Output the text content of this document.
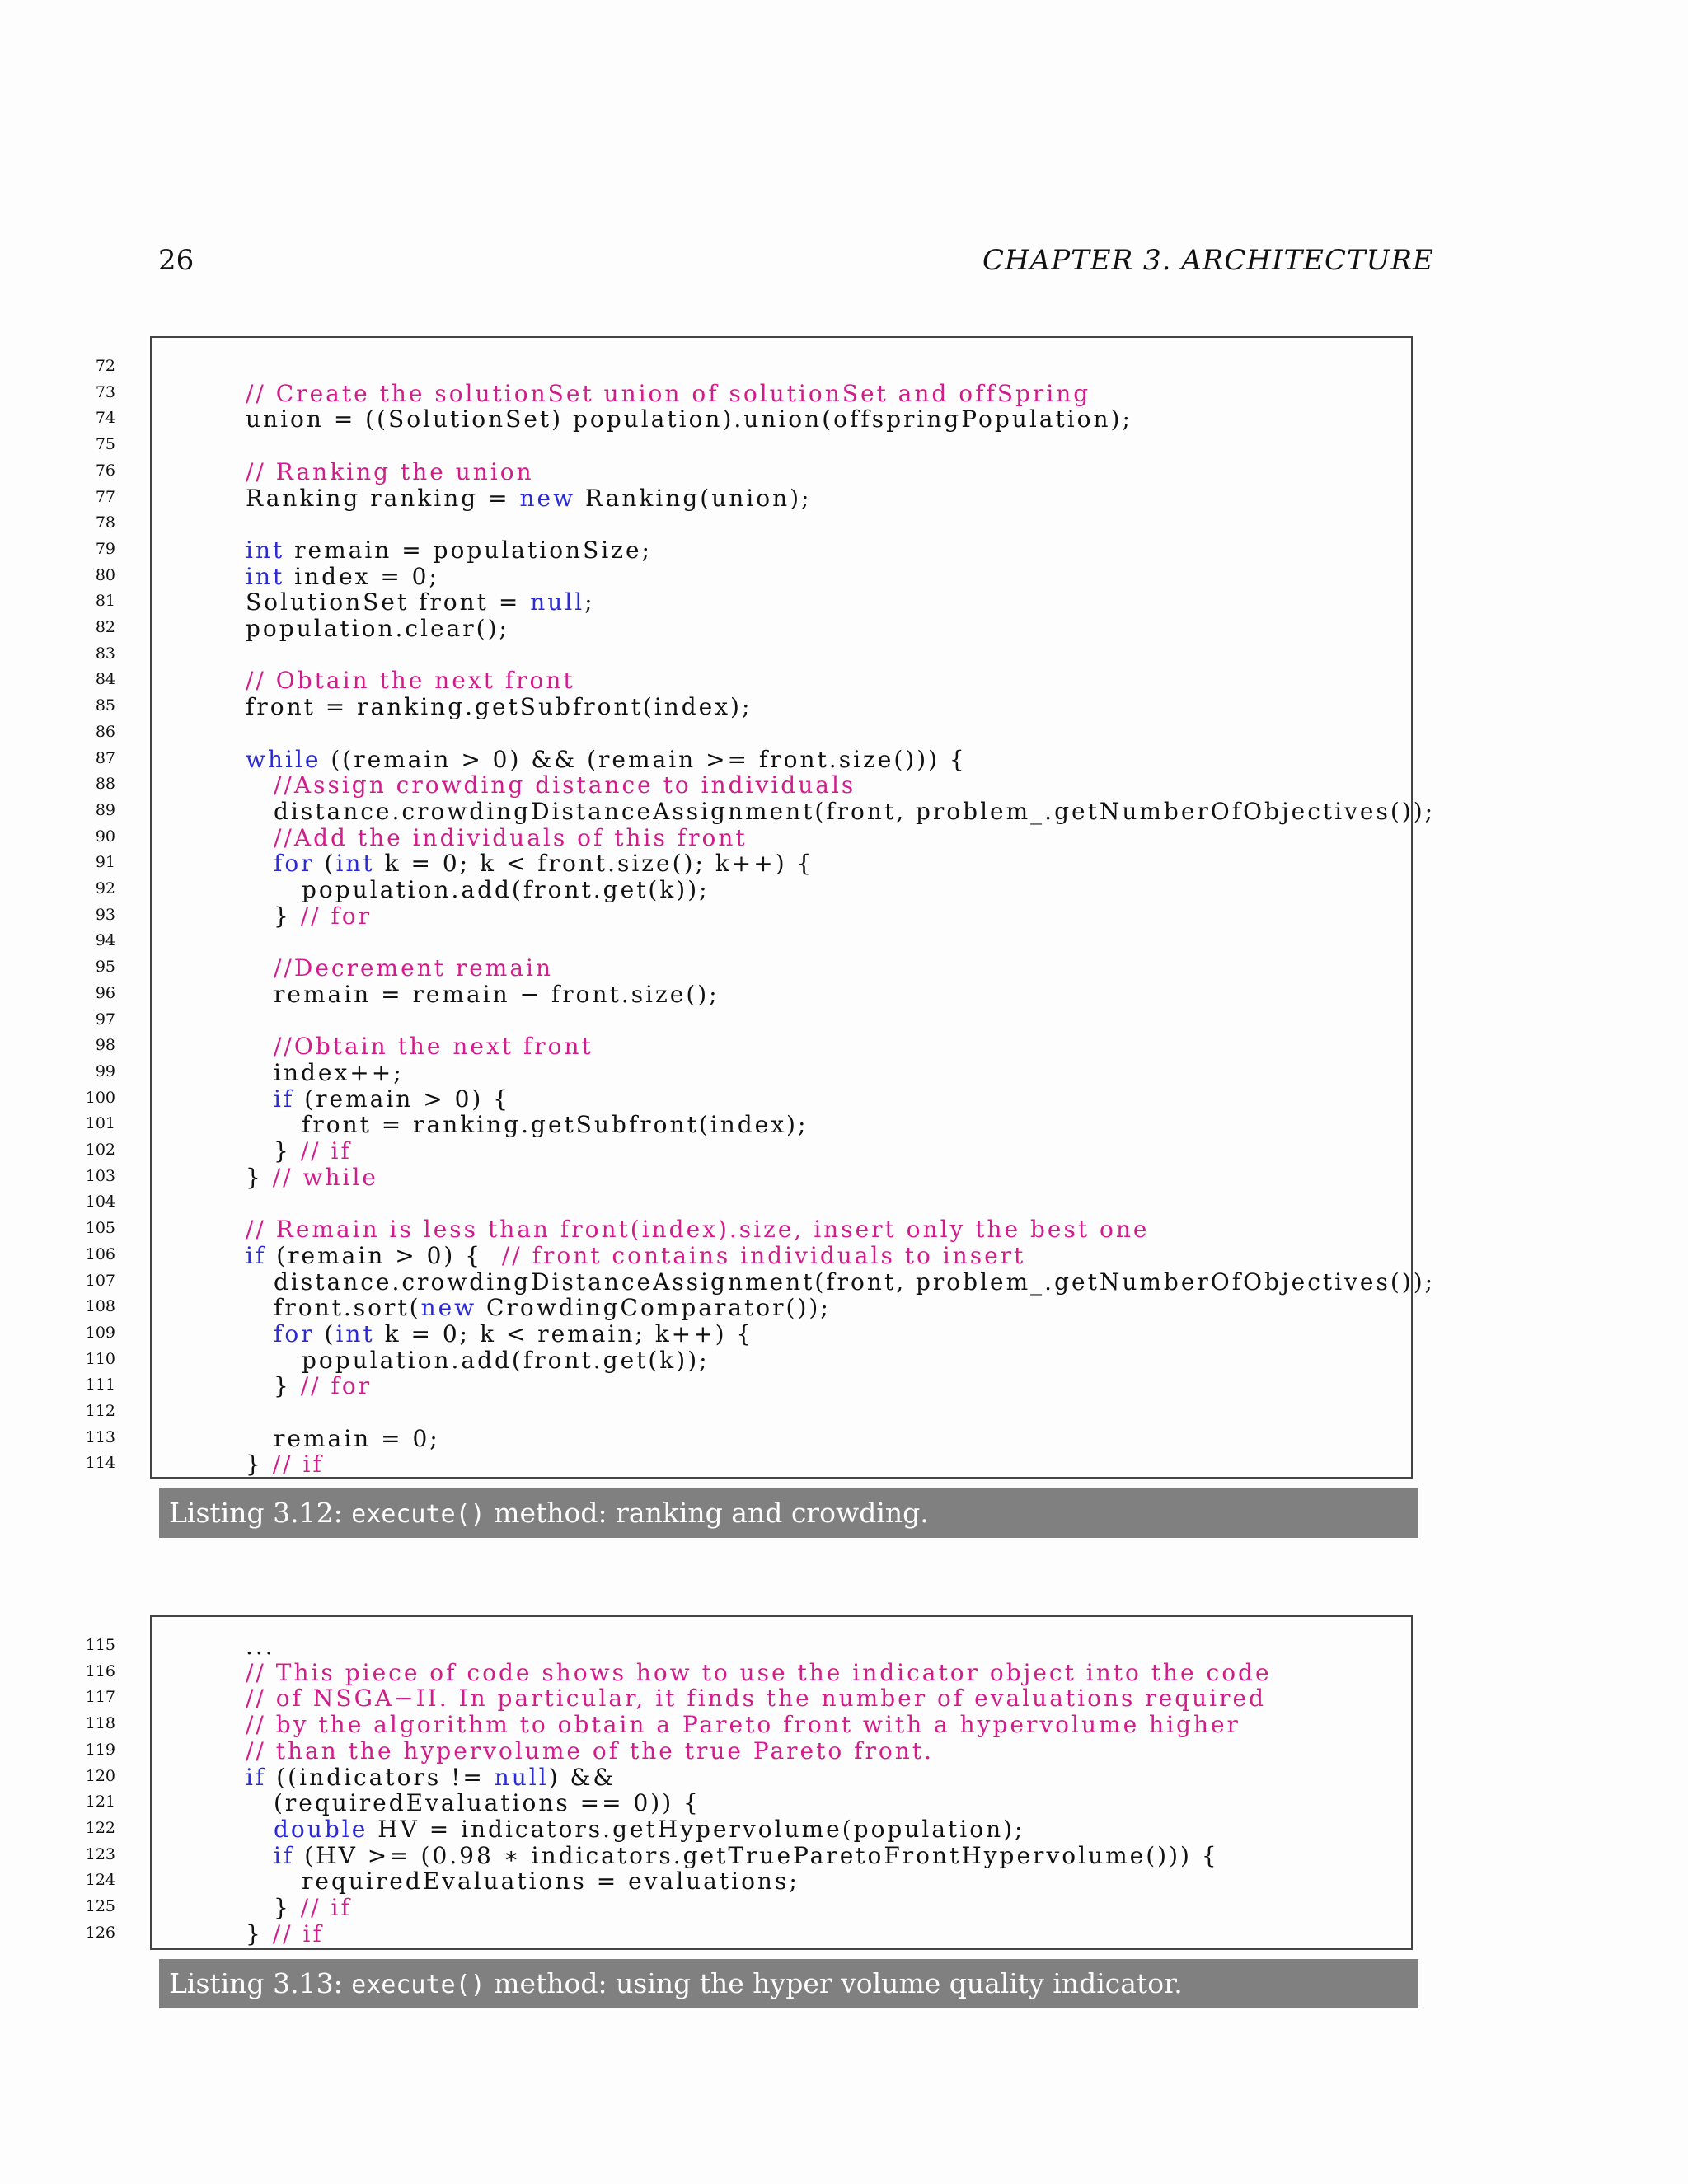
26	CHAPTER 3. ARCHITECTURE
72
73	// Create the solutionSet union of solutionSet and offSpring
74	union = ((SolutionSet) population).union(offspringPopulation);
75
76	// Ranking the union
77	Ranking ranking = new Ranking(union);
78
79	int remain = populationSize;
80	int index = 0;
81	SolutionSet front = null;
82	population.clear();
83
84	// Obtain the next front
85	front = ranking.getSubfront(index);
86
87	while ((remain > 0) && (remain >= front.size())) {
88	//Assign crowding distance to individuals
89	distance.crowdingDistanceAssignment(front, problem_.getNumberOfObjectives());
90	//Add the individuals of this front
91	for (int k = 0; k < front.size(); k++) {
92	population.add(front.get(k));
93	} // for
94
95	//Decrement remain
96	remain = remain − front.size();
97
98	//Obtain the next front
99	index++;
100	if (remain > 0) {
101	front = ranking.getSubfront(index);
102	} // if
103	} // while
104
105	// Remain is less than front(index).size, insert only the best one
106	if (remain > 0) {  // front contains individuals to insert
107	distance.crowdingDistanceAssignment(front, problem_.getNumberOfObjectives());
108	front.sort(new CrowdingComparator());
109	for (int k = 0; k < remain; k++) {
110	population.add(front.get(k));
111	} // for
112
113	remain = 0;
114	} // if
Listing 3.12: execute() method: ranking and crowding.
115	...
116	// This piece of code shows how to use the indicator object into the code
117	// of NSGA−II. In particular, it finds the number of evaluations required
118	// by the algorithm to obtain a Pareto front with a hypervolume higher
119	// than the hypervolume of the true Pareto front.
120	if ((indicators != null) &&
121	(requiredEvaluations == 0)) {
122	double HV = indicators.getHypervolume(population);
123	if (HV >= (0.98 ∗ indicators.getTrueParetoFrontHypervolume())) {
124	requiredEvaluations = evaluations;
125	} // if
126	} // if
Listing 3.13: execute() method: using the hyper volume quality indicator.
